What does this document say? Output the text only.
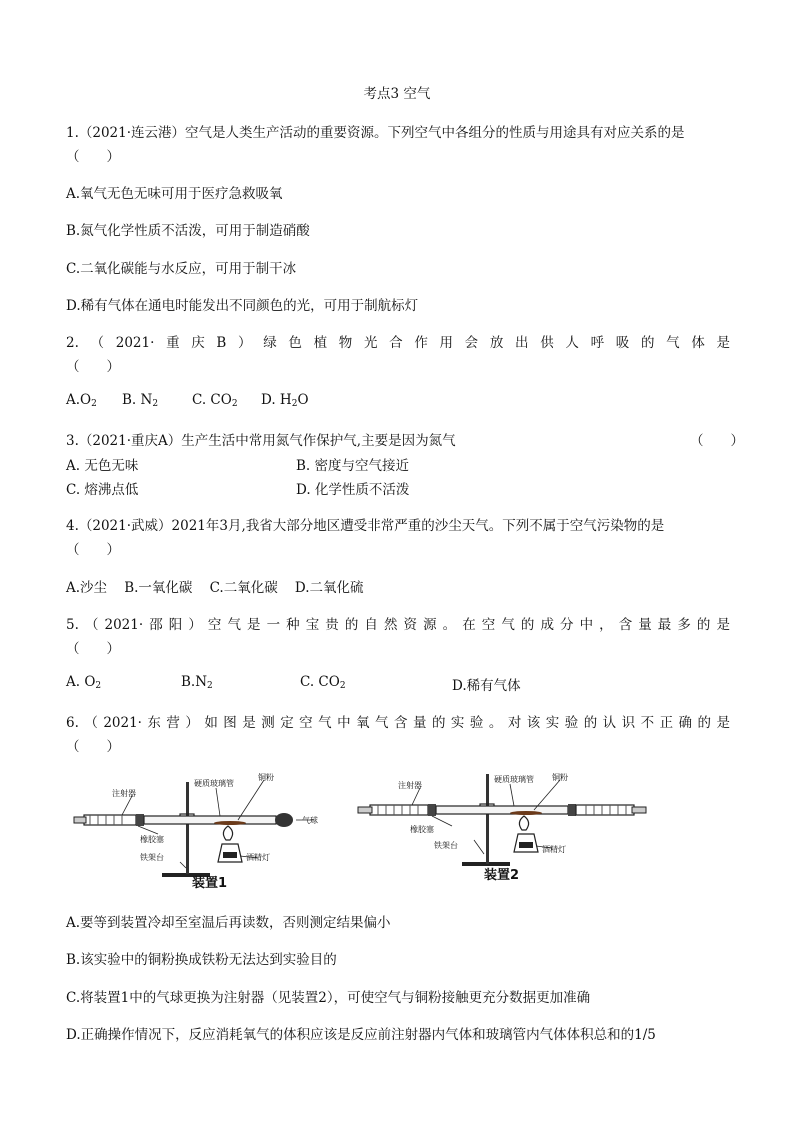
考点3 空气
1.（2021·连云港）空气是人类生产活动的重要资源。下列空气中各组分的性质与用途具有对应关系的是
（　　）
A.氧气无色无味可用于医疗急救吸氧
B.氮气化学性质不活泼，可用于制造硝酸
C.二氧化碳能与水反应，可用于制干冰
D.稀有气体在通电时能发出不同颜色的光，可用于制航标灯
2.（2021·重庆B）绿色植物光合作用会放出供人呼吸的气体是
（　　）
$A.O_2$ B. $N_2$	C. $CO_2$ D. $H_2O$
3.（2021·重庆A）生产生活中常用氮气作保护气,主要是因为氮气	（　　）
A. 无色无味	B. 密度与空气接近
C. 熔沸点低	D. 化学性质不活泼
4.（2021·武威）2021年3月,我省大部分地区遭受非常严重的沙尘天气。下列不属于空气污染物的是
（　　）
A.沙尘    B.一氧化碳    C.二氧化碳    D.二氧化硫
5.（2021·邵阳）空气是一种宝贵的自然资源。在空气的成分中，含量最多的是
（　　）
A. $O_2$	$B.N_2$	C. $CO_2$	D.稀有气体
6.（2021·东营）如图是测定空气中氧气含量的实验。对该实验的认识不正确的是
（　　）
注射器
硬质玻璃管
铜粉
气球
橡胶塞
铁架台	酒精灯
装置1
注射器
硬质玻璃管 铜粉
橡胶塞
铁架台	酒精灯
装置2
A.要等到装置冷却至室温后再读数，否则测定结果偏小
B.该实验中的铜粉换成铁粉无法达到实验目的
C.将装置1中的气球更换为注射器（见装置2），可使空气与铜粉接触更充分数据更加准确
D.正确操作情况下，反应消耗氧气的体积应该是反应前注射器内气体和玻璃管内气体体积总和的1/5
